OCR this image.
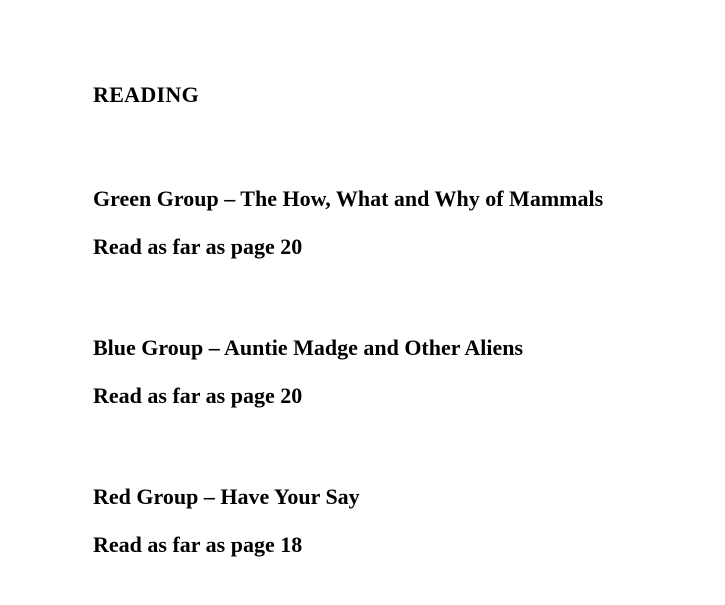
READING

Green Group – The How, What and Why of Mammals

Read as far as page 20

Blue Group – Auntie Madge and Other Aliens

Read as far as page 20

Red Group – Have Your Say

Read as far as page 18
